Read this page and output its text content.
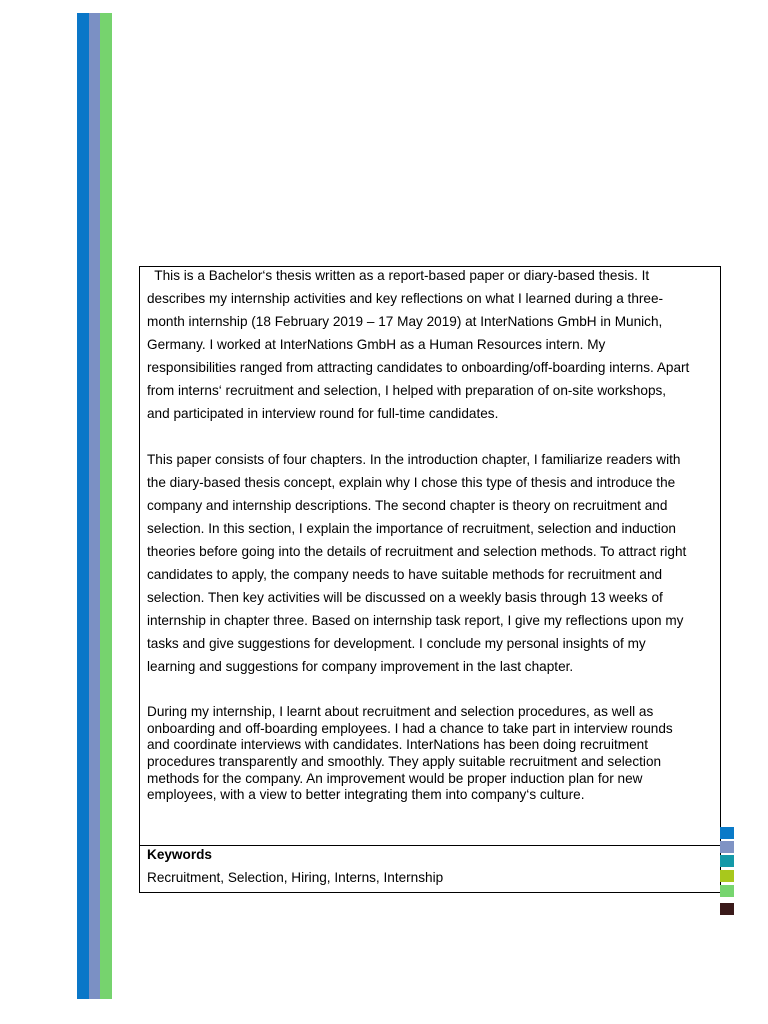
This is a Bachelor‘s thesis written as a report-based paper or diary-based thesis. It
describes my internship activities and key reflections on what I learned during a three-
month internship (18 February 2019 – 17 May 2019) at InterNations GmbH in Munich,
Germany. I worked at InterNations GmbH as a Human Resources intern. My
responsibilities ranged from attracting candidates to onboarding/off-boarding interns. Apart
from interns‘ recruitment and selection, I helped with preparation of on-site workshops,
and participated in interview round for full-time candidates.
This paper consists of four chapters. In the introduction chapter, I familiarize readers with
the diary-based thesis concept, explain why I chose this type of thesis and introduce the
company and internship descriptions. The second chapter is theory on recruitment and
selection. In this section, I explain the importance of recruitment, selection and induction
theories before going into the details of recruitment and selection methods. To attract right
candidates to apply, the company needs to have suitable methods for recruitment and
selection. Then key activities will be discussed on a weekly basis through 13 weeks of
internship in chapter three. Based on internship task report, I give my reflections upon my
tasks and give suggestions for development. I conclude my personal insights of my
learning and suggestions for company improvement in the last chapter.
During my internship, I learnt about recruitment and selection procedures, as well as
onboarding and off-boarding employees. I had a chance to take part in interview rounds
and coordinate interviews with candidates. InterNations has been doing recruitment
procedures transparently and smoothly. They apply suitable recruitment and selection
methods for the company. An improvement would be proper induction plan for new
employees, with a view to better integrating them into company‘s culture.
Keywords
Recruitment, Selection, Hiring, Interns, Internship
